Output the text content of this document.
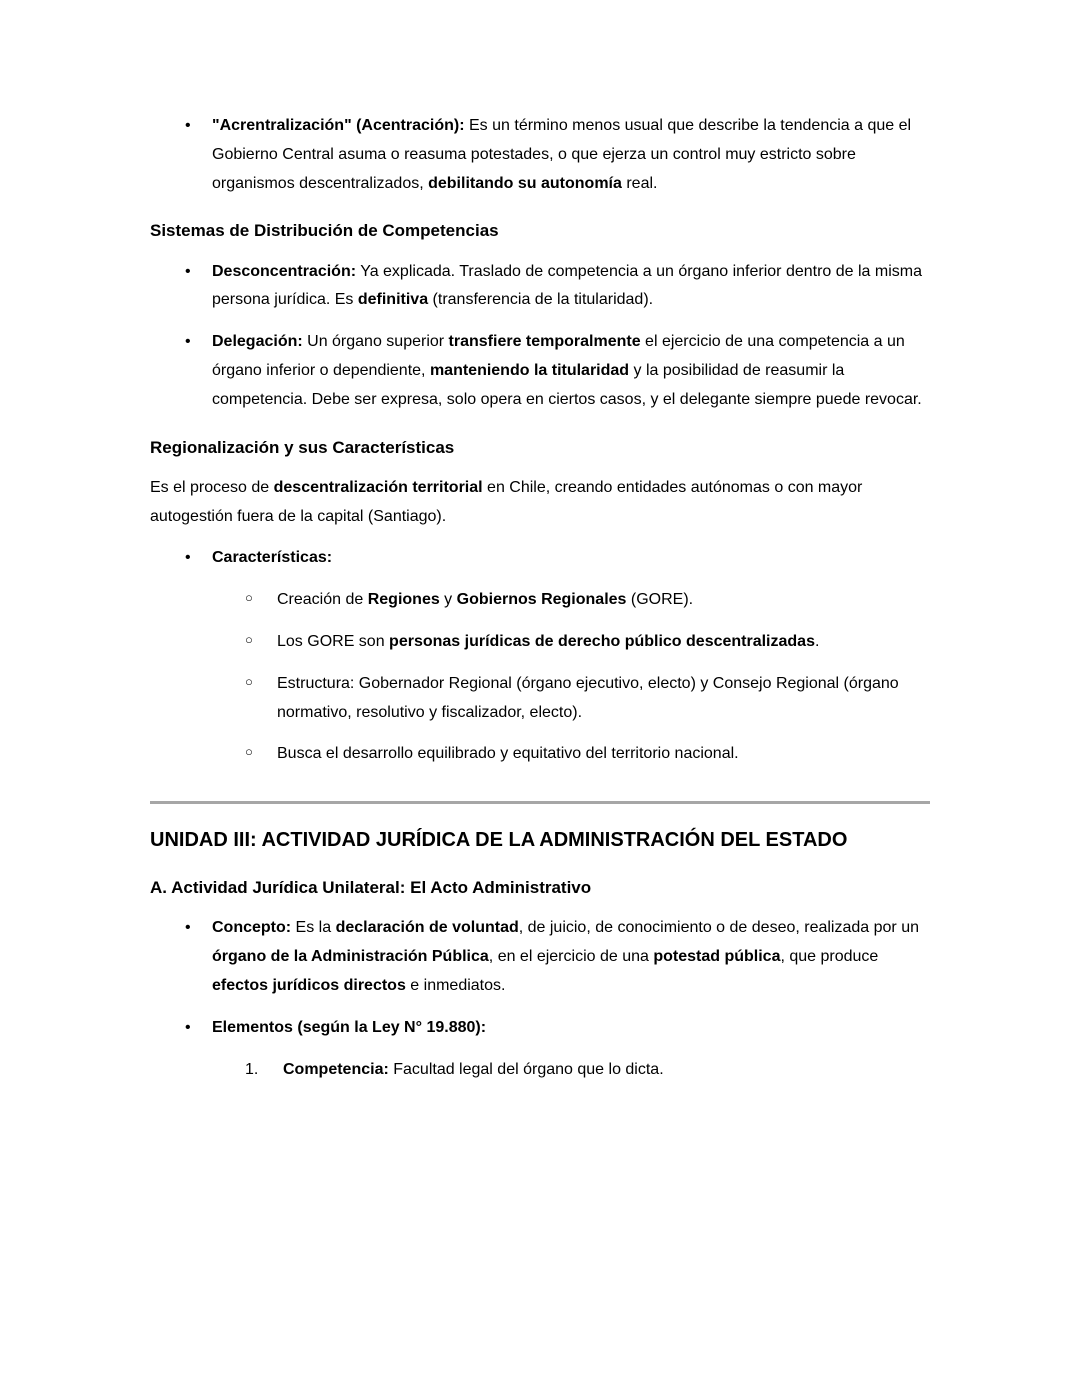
• "Acrentralización" (Acentración): Es un término menos usual que describe la tendencia a que el Gobierno Central asuma o reasuma potestades, o que ejerza un control muy estricto sobre organismos descentralizados, debilitando su autonomía real.
Sistemas de Distribución de Competencias
• Desconcentración: Ya explicada. Traslado de competencia a un órgano inferior dentro de la misma persona jurídica. Es definitiva (transferencia de la titularidad).
• Delegación: Un órgano superior transfiere temporalmente el ejercicio de una competencia a un órgano inferior o dependiente, manteniendo la titularidad y la posibilidad de reasumir la competencia. Debe ser expresa, solo opera en ciertos casos, y el delegante siempre puede revocar.
Regionalización y sus Características
Es el proceso de descentralización territorial en Chile, creando entidades autónomas o con mayor autogestión fuera de la capital (Santiago).
• Características:
○ Creación de Regiones y Gobiernos Regionales (GORE).
○ Los GORE son personas jurídicas de derecho público descentralizadas.
○ Estructura: Gobernador Regional (órgano ejecutivo, electo) y Consejo Regional (órgano normativo, resolutivo y fiscalizador, electo).
○ Busca el desarrollo equilibrado y equitativo del territorio nacional.
UNIDAD III: ACTIVIDAD JURÍDICA DE LA ADMINISTRACIÓN DEL ESTADO
A. Actividad Jurídica Unilateral: El Acto Administrativo
• Concepto: Es la declaración de voluntad, de juicio, de conocimiento o de deseo, realizada por un órgano de la Administración Pública, en el ejercicio de una potestad pública, que produce efectos jurídicos directos e inmediatos.
• Elementos (según la Ley N° 19.880):
1. Competencia: Facultad legal del órgano que lo dicta.
